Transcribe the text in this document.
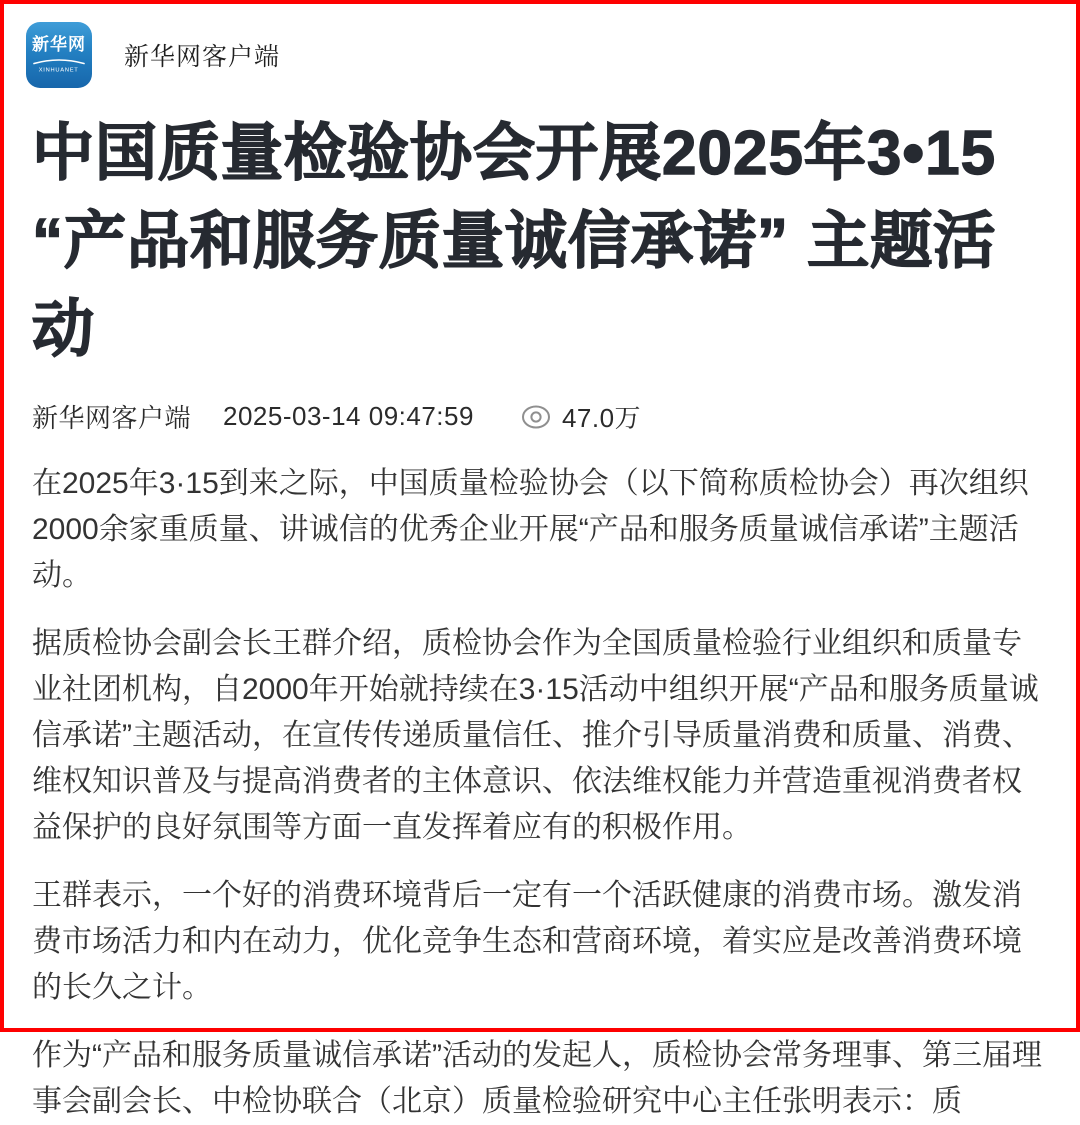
新华网
XINHUANET 新华网客户端
中国质量检验协会开展2025年3•15
“产品和服务质量诚信承诺” 主题活动
新华网客户端 2025-03-14 09:47:59	47.0万

在2025年3·15到来之际，中国质量检验协会（以下简称质检协会）再次组织2000余家重质量、讲诚信的优秀企业开展“产品和服务质量诚信承诺”主题活动。

据质检协会副会长王群介绍，质检协会作为全国质量检验行业组织和质量专业社团机构，自2000年开始就持续在3·15活动中组织开展“产品和服务质量诚信承诺”主题活动，在宣传传递质量信任、推介引导质量消费和质量、消费、维权知识普及与提高消费者的主体意识、依法维权能力并营造重视消费者权益保护的良好氛围等方面一直发挥着应有的积极作用。

王群表示，一个好的消费环境背后一定有一个活跃健康的消费市场。激发消费市场活力和内在动力，优化竞争生态和营商环境，着实应是改善消费环境的长久之计。

作为“产品和服务质量诚信承诺”活动的发起人，质检协会常务理事、第三届理事会副会长、中检协联合（北京）质量检验研究中心主任张明表示：质
